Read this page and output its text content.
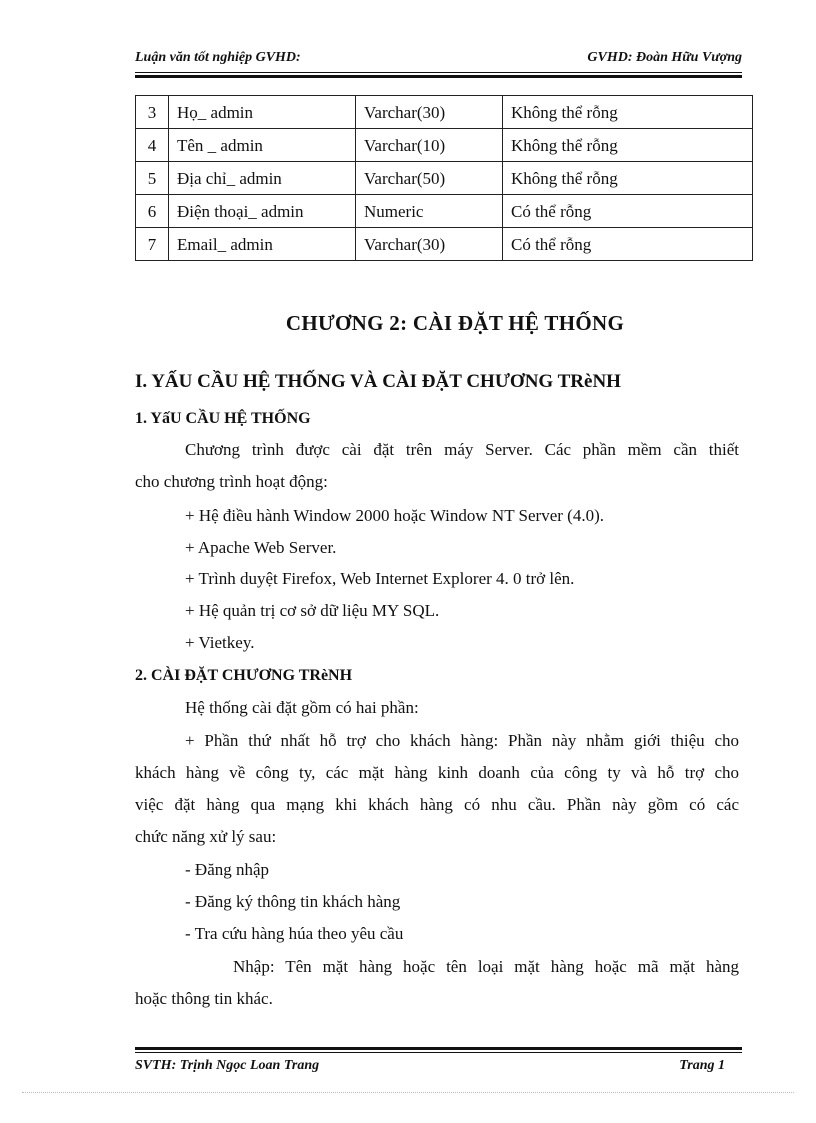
Luận văn tốt nghiệp GVHD:	GVHD: Đoàn Hữu Vượng
3	Họ_ admin	Varchar(30)	Không thể rỗng
4	Tên _ admin	Varchar(10)	Không thể rỗng
5	Địa chỉ_ admin	Varchar(50)	Không thể rỗng
6	Điện thoại_ admin	Numeric	Có thể rỗng
7	Email_ admin	Varchar(30)	Có thể rỗng
CHƯƠNG 2: CÀI ĐẶT HỆ THỐNG
I. YẤU CẦU HỆ THỐNG VÀ CÀI ĐẶT CHƯƠNG TRèNH
1. YấU CẦU HỆ THỐNG
Chương trình được cài đặt trên máy Server. Các phần mềm cần thiết
cho chương trình hoạt động:
+ Hệ điều hành Window 2000 hoặc Window NT Server (4.0).
+ Apache Web Server.
+ Trình duyệt Firefox, Web Internet Explorer 4. 0 trở lên.
+ Hệ quản trị cơ sở dữ liệu MY SQL.
+ Vietkey.
2. CÀI ĐẶT CHƯƠNG TRèNH
Hệ thống cài đặt gồm có hai phần:
+ Phần thứ nhất hỗ trợ cho khách hàng: Phần này nhằm giới thiệu cho
khách hàng về công ty, các mặt hàng kinh doanh của công ty và hỗ trợ cho
việc đặt hàng qua mạng khi khách hàng có nhu cầu. Phần này gồm có các
chức năng xử lý sau:
- Đăng nhập
- Đăng ký thông tin khách hàng
- Tra cứu hàng húa theo yêu cầu
Nhập: Tên mặt hàng hoặc tên loại mặt hàng hoặc mã mặt hàng
hoặc thông tin khác.
SVTH: Trịnh Ngọc Loan Trang	Trang 1
